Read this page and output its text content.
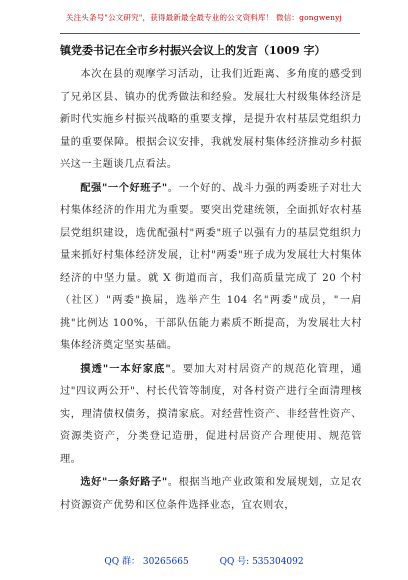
关注头条号"公文研究"，获得最新最全最专业的公文资料库！ 微信：gongwenyj
镇党委书记在全市乡村振兴会议上的发言（1009 字）

本次在县的观摩学习活动，让我们近距离、多角度的感受到了兄弟区县、镇办的优秀做法和经验。发展壮大村级集体经济是新时代实施乡村振兴战略的重要支撑，是提升农村基层党组织力量的重要保障。根据会议安排，我就发展村集体经济推动乡村振兴这一主题谈几点看法。

配强"一个好班子"。一个好的、战斗力强的两委班子对壮大村集体经济的作用尤为重要。要突出党建统领，全面抓好农村基层党组织建设，选优配强村"两委"班子以强有力的基层党组织力量来抓好村集体经济发展，让村"两委"班子成为发展壮大村集体经济的中坚力量。就 X 街道而言，我们高质量完成了 20 个村（社区）"两委"换届，选举产生 104 名"两委"成员，"一肩挑"比例达 100%，干部队伍能力素质不断提高，为发展壮大村集体经济奠定坚实基础。

摸透"一本好家底"。要加大对村居资产的规范化管理，通过"四议两公开"、村长代管等制度，对各村资产进行全面清理核实，理清债权债务，摸清家底。对经营性资产、非经营性资产、资源类资产，分类登记造册，促进村居资产合理使用、规范管理。

选好"一条好路子"。根据当地产业政策和发展规划，立足农村资源资产优势和区位条件选择业态，宜农则农，

QQ 群： 30265665	QQ 号: 535304092
